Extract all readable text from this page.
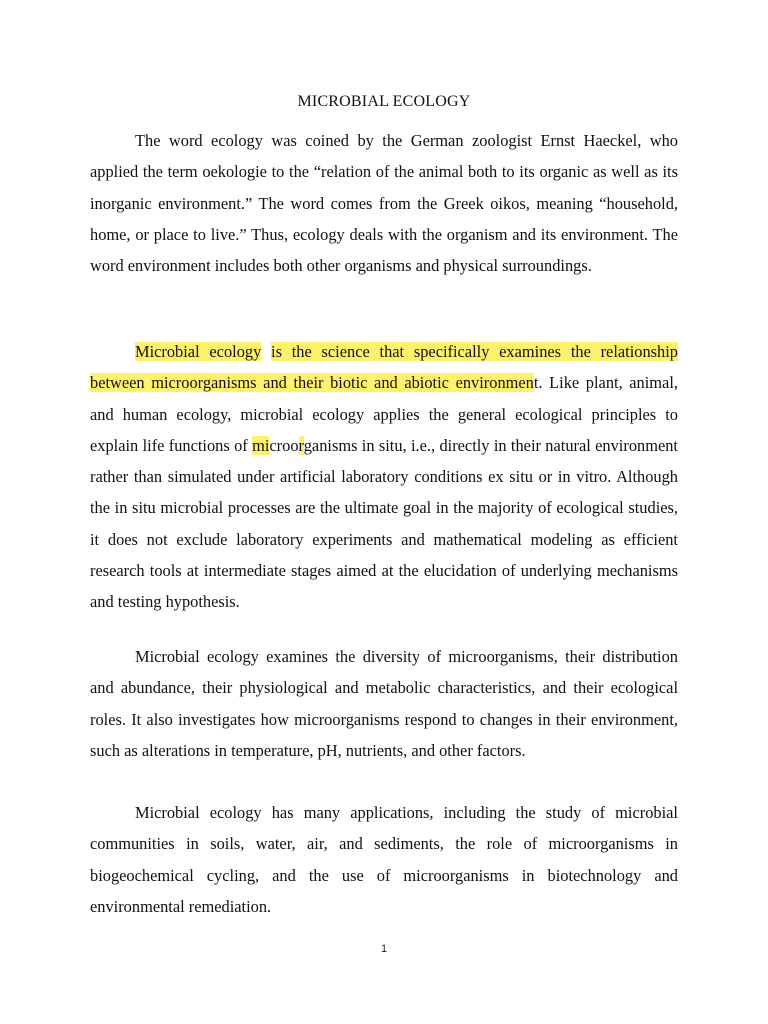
MICROBIAL ECOLOGY

The word ecology was coined by the German zoologist Ernst Haeckel, who applied the term oekologie to the “relation of the animal both to its organic as well as its inorganic environment.” The word comes from the Greek oikos, meaning “household, home, or place to live.” Thus, ecology deals with the organism and its environment. The word environment includes both other organisms and physical surroundings.

Microbial ecology is the science that specifically examines the relationship between microorganisms and their biotic and abiotic environment. Like plant, animal, and human ecology, microbial ecology applies the general ecological principles to explain life functions of microorganisms in situ, i.e., directly in their natural environment rather than simulated under artificial laboratory conditions ex situ or in vitro. Although the in situ microbial processes are the ultimate goal in the majority of ecological studies, it does not exclude laboratory experiments and mathematical modeling as efficient research tools at intermediate stages aimed at the elucidation of underlying mechanisms and testing hypothesis.

Microbial ecology examines the diversity of microorganisms, their distribution and abundance, their physiological and metabolic characteristics, and their ecological roles. It also investigates how microorganisms respond to changes in their environment, such as alterations in temperature, pH, nutrients, and other factors.

Microbial ecology has many applications, including the study of microbial communities in soils, water, air, and sediments, the role of microorganisms in biogeochemical cycling, and the use of microorganisms in biotechnology and environmental remediation.

1
